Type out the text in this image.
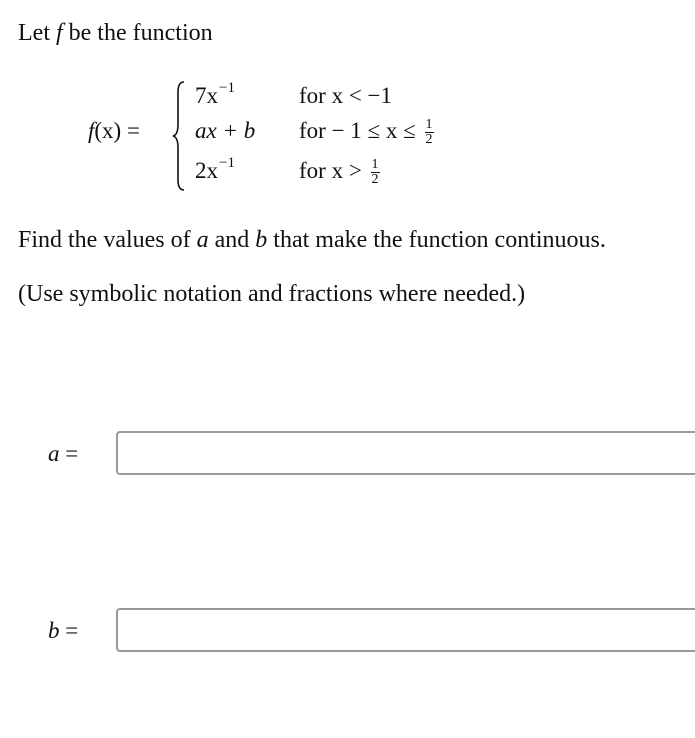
Let f be the function
f(x) =
$7x^{-1}$	for x < −1
ax + b for − $1 \le x \le \frac{1}{2}$
$2x^{-1}$	for $x > \frac{1}{2}$
Find the values of a and b that make the function continuous.
(Use symbolic notation and fractions where needed.)
a =
b =
